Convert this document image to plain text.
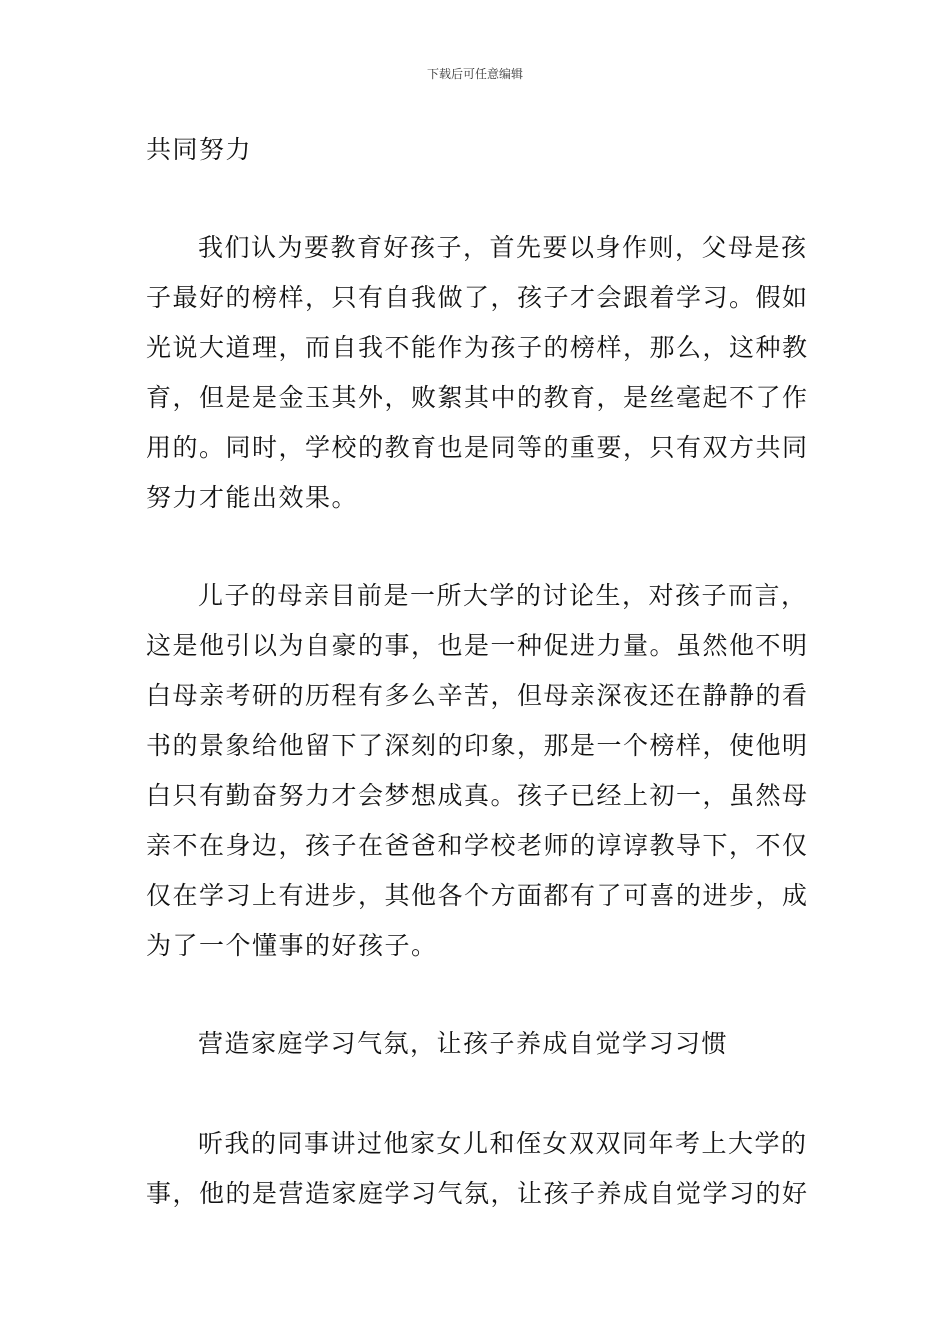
下载后可任意编辑
共同努力
我们认为要教育好孩子，首先要以身作则，父母是孩
子最好的榜样，只有自我做了，孩子才会跟着学习。假如
光说大道理，而自我不能作为孩子的榜样，那么，这种教
育，但是是金玉其外，败絮其中的教育，是丝毫起不了作
用的。同时，学校的教育也是同等的重要，只有双方共同
努力才能出效果。
儿子的母亲目前是一所大学的讨论生，对孩子而言，
这是他引以为自豪的事，也是一种促进力量。虽然他不明
白母亲考研的历程有多么辛苦，但母亲深夜还在静静的看
书的景象给他留下了深刻的印象，那是一个榜样，使他明
白只有勤奋努力才会梦想成真。孩子已经上初一，虽然母
亲不在身边，孩子在爸爸和学校老师的谆谆教导下，不仅
仅在学习上有进步，其他各个方面都有了可喜的进步，成
为了一个懂事的好孩子。
营造家庭学习气氛，让孩子养成自觉学习习惯
听我的同事讲过他家女儿和侄女双双同年考上大学的
事，他的是营造家庭学习气氛，让孩子养成自觉学习的好
